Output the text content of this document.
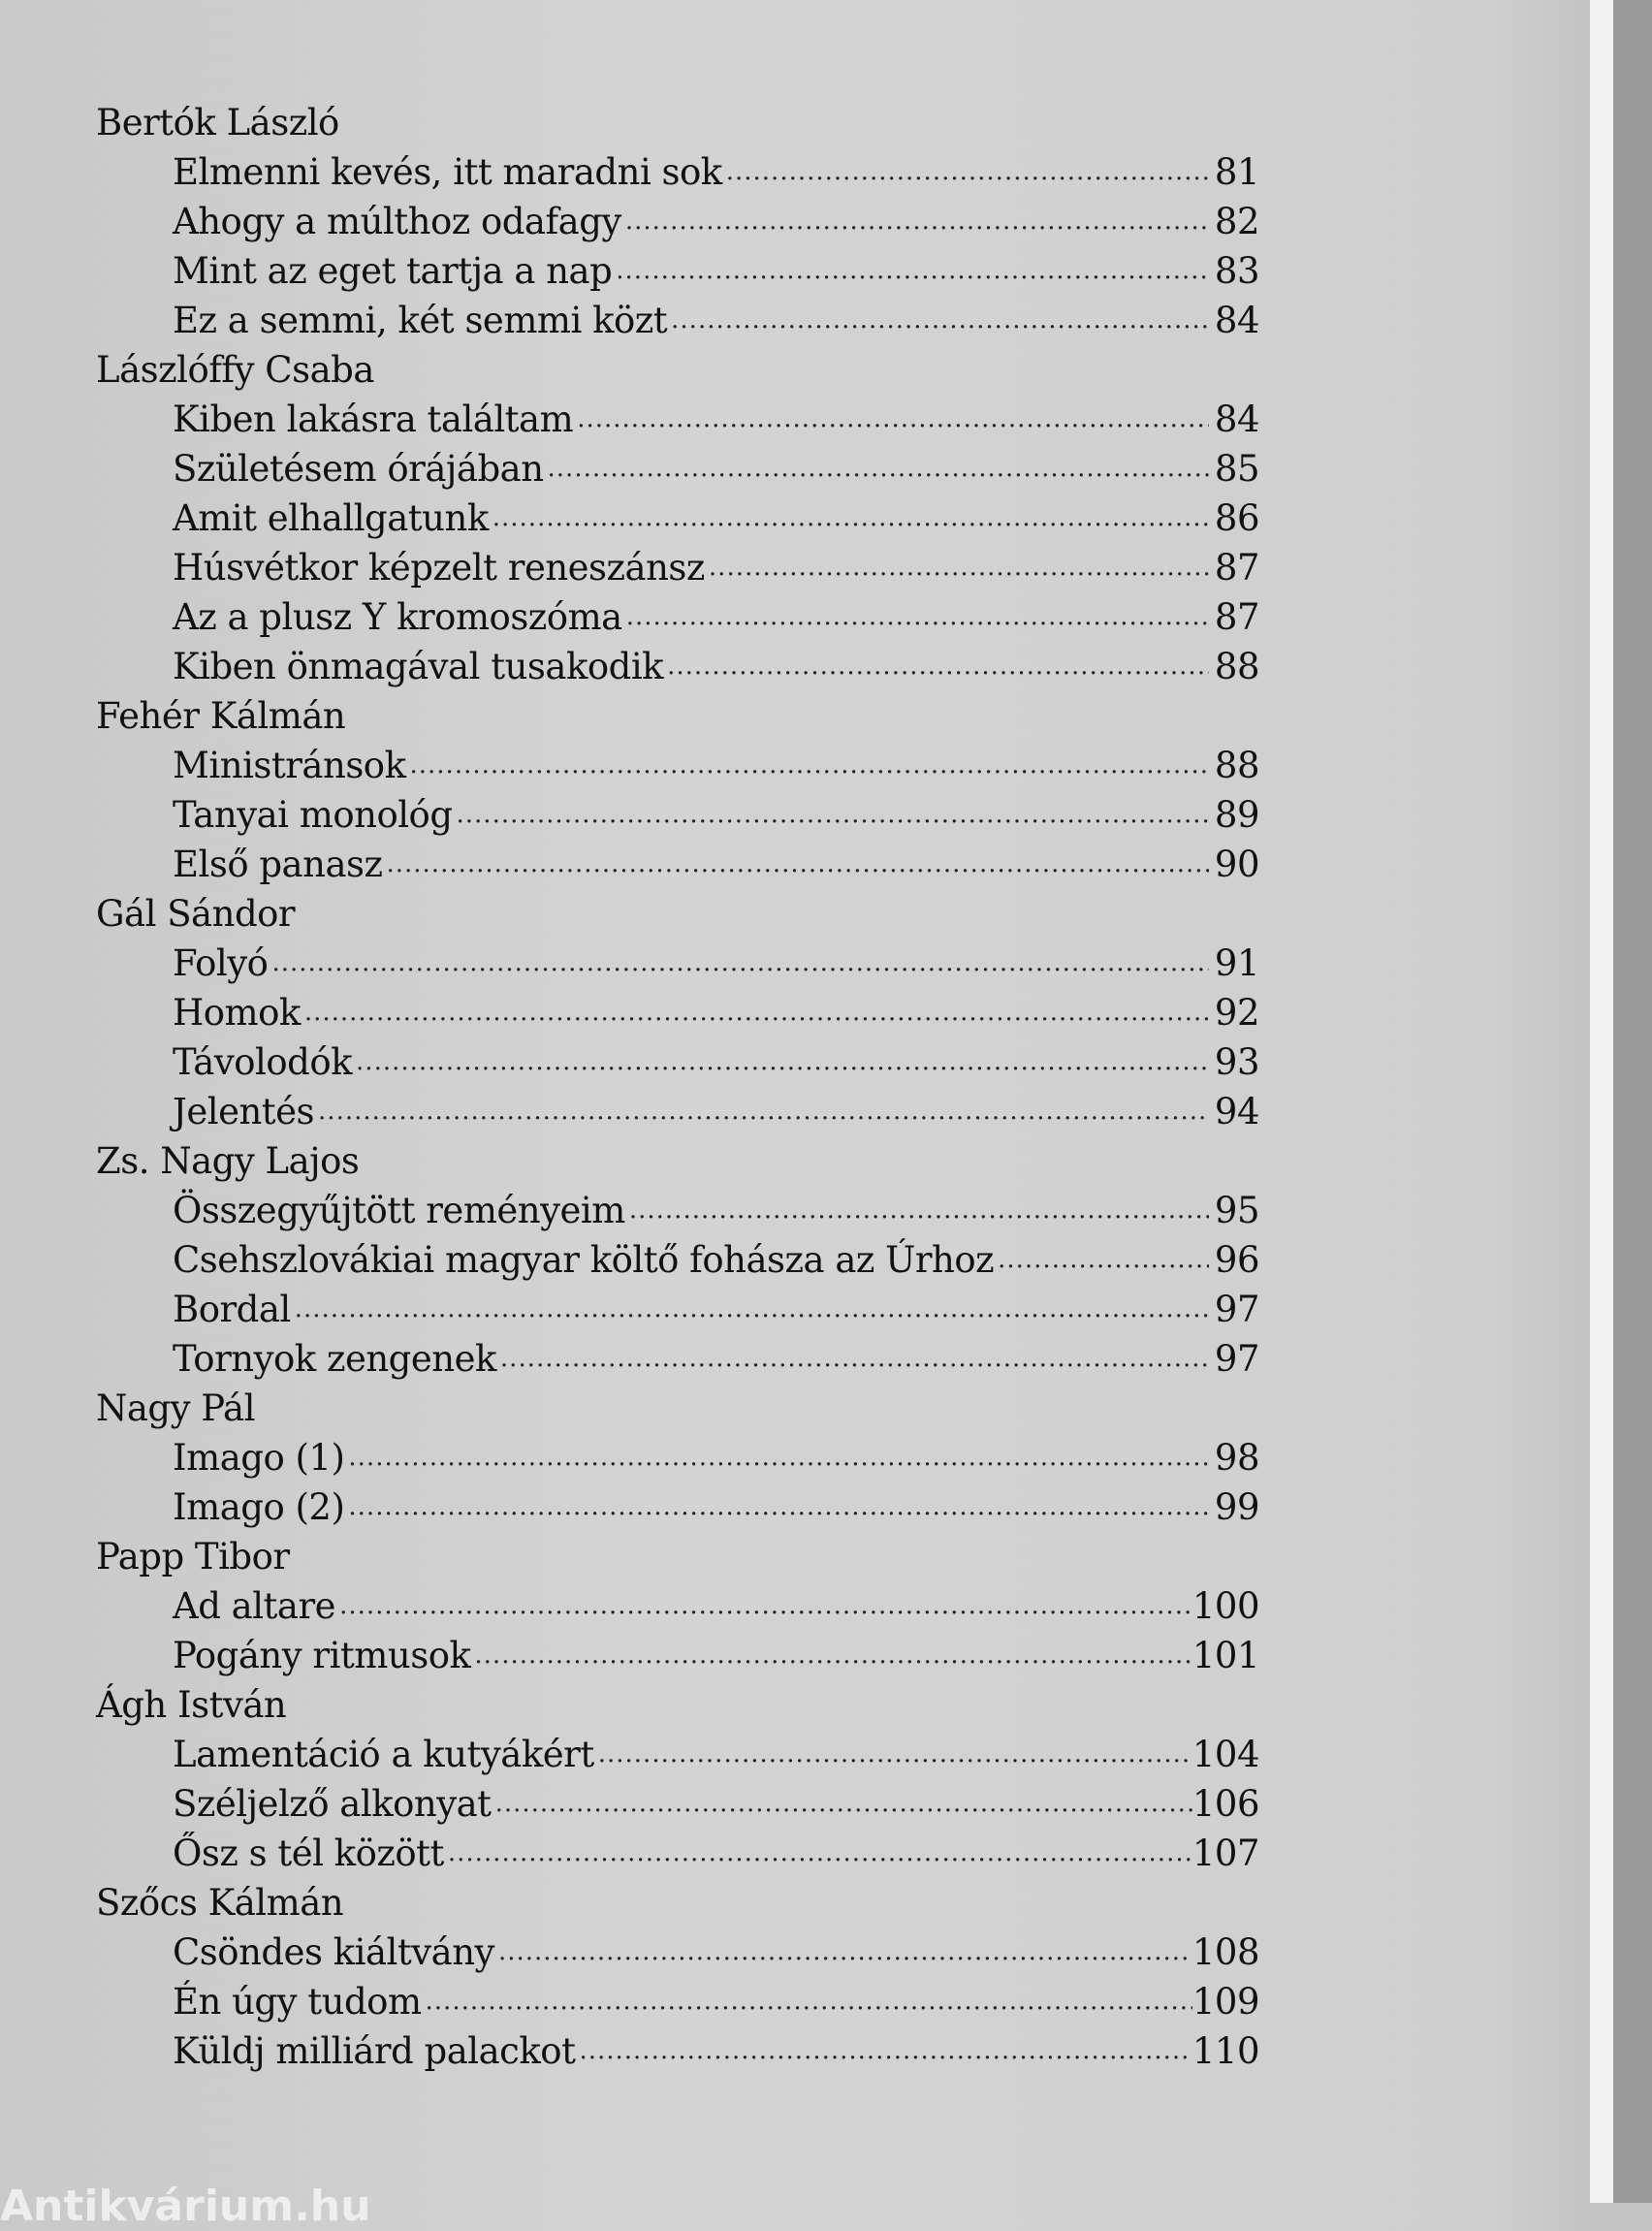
Bertók László
Elmenni kevés, itt maradni sok .....	81
Ahogy a múlthoz odafagy .....	82
Mint az eget tartja a nap .....	83
Ez a semmi, két semmi közt .....	84
Lászlóffy Csaba
Kiben lakásra találtam .....	84
Születésem órájában .....	85
Amit elhallgatunk .....	86
Húsvétkor képzelt reneszánsz .....	87
Az a plusz Y kromoszóma .....	87
Kiben önmagával tusakodik .....	88
Fehér Kálmán
Ministránsok .....	88
Tanyai monológ .....	89
Első panasz .....	90
Gál Sándor
Folyó .....	91
Homok .....	92
Távolodók .....	93
Jelentés .....	94
Zs. Nagy Lajos
Összegyűjtött reményeim .....	95
Csehszlovákiai magyar költő fohásza az Úrhoz .....	96
Bordal .....	97
Tornyok zengenek .....	97
Nagy Pál
Imago (1) .....	98
Imago (2) .....	99
Papp Tibor
Ad altare .....	100
Pogány ritmusok .....	101
Ágh István
Lamentáció a kutyákért .....	104
Széljelző alkonyat .....	106
Ősz s tél között .....	107
Szőcs Kálmán
Csöndes kiáltvány .....	108
Én úgy tudom .....	109
Küldj milliárd palackot .....	110
Antikvárium.hu
